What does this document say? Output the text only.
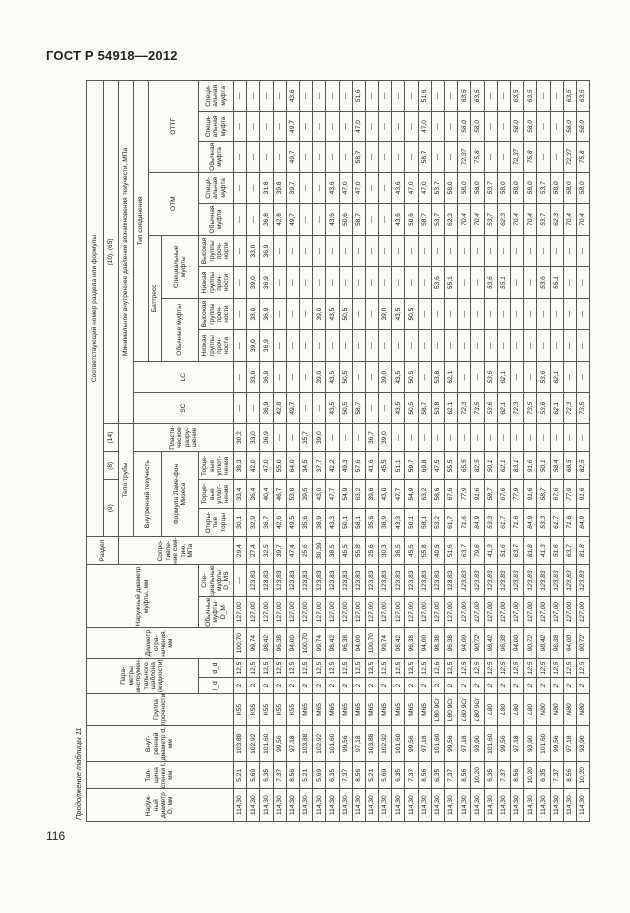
ГОСТ Р 54918—2012
Продолжение таблицы 11	Наружный диаметр D, мм	Толщина стенки t, мм	Внутренний диаметр d, мм	Группа прочности	Параметры инструментального шаблона (жидкости)		Диаметр ограничения, мм	Наружный диаметр муфты, мм		Раздел	Соответствующий номер раздела или формулы														
										(9)		(8)	(14)	(10), (65)										
									Сопротивление смятию, МПа	Тело трубы				Минимальное внутреннее давление возникновения текучести, МПа										
										Внутренний текучесть			Пластическое разрушение	SC	LC	Тип соединения								
																Баттресс				ОТМ		ОТТГ		
										Формула Ламе-фон Мизеса						Обычные муфты		Специальные муфты						
				l_d	d_d		Обычные муфты D_M	Специальные муфты D_MS		Открытые торцы	Торцевые уплотнения	Торцевые уплотнения				Низкая группы прочности	Высокая группы прочности	Низкая группы прочности	Высокая группы прочности	Обычная муфта	Специальная муфта	Обычная муфта	Специальная муфта	Специальная муфта

114,30	5,21	103,88	К55	2	12,5	100,70	127,00	—	29,4	30,1	33,4	38,3	30,2	—	—	—	—	—	—	—	—	—	—	—
114,30	5,69	102,92	К55	2	12,5	99,74	127,00	123,83	27,4	32,9	36,4	42,0	33,0	—	33,0	39,0	33,0	39,0	33,0	—	—	—	—	—
114,30	6,35	101,60	К55	2	12,5	98,42	127,00	123,83	32,5	36,7	40,4	47,0	36,9	36,9	36,9	36,9	36,9	36,9	36,9	36,8	31,8	—	—	—
114,30	7,37	99,56	К55	2	12,5	96,38	127,00	123,83	39,7	42,6	46,7	55,0	—	42,8	—	—	—	—	—	42,8	39,8	—	—	—
114,30	8,56	97,18	К55	2	12,5	94,00	127,00	123,83	47,4	49,5	53,8	64,0	—	49,7	—	—	—	—	—	49,7	39,7	49,7	49,7	43,6
114,30	5,21	103,88	М65	2	12,5	100,70	127,00	123,83	25,6	35,6	39,5	34,5	35,7	—	—	—	—	—	—	—	—	—	—	—
114,30	5,69	102,92	М65	2	12,5	99,74	127,00	123,83	30,39	38,9	43,0	37,7	39,0	—	39,0	—	39,0	—	—	—	—	—	—	—
114,30	6,35	101,60	М65	2	12,5	98,42	127,00	123,83	36,5	43,3	47,7	42,2	—	43,5	43,5	—	43,5	—	—	43,6	43,6	—	—	—
114,30	7,37	99,56	М65	2	12,5	96,38	127,00	123,83	45,5	50,1	54,9	49,3	—	50,5	50,5	—	50,5	—	—	50,6	47,0	—	—	—
114,30	8,56	97,18	М65	2	12,5	94,00	127,00	123,83	55,8	58,1	63,2	57,6	—	58,7	—	—	—	—	—	58,7	47,0	58,7	47,0	51,6
114,30	5,21	103,88	М65	2	12,5	100,70	127,00	123,83	25,6	35,6	39,6	41,6	36,7	—	—	—	—	—	—	—	—	—	—	—
114,30	5,69	102,92	М65	2	12,5	99,74	127,00	123,83	30,3	38,9	43,0	45,5	39,0	—	39,0	—	39,0	—	—	—	—	—	—	—
114,30	6,35	101,60	М65	2	12,5	98,42	127,00	123,83	36,5	43,3	47,7	51,1	—	43,5	43,5	—	43,5	—	—	43,6	43,6	—	—	—
114,30	7,37	99,56	М65	2	12,5	96,38	127,00	123,83	45,5	50,1	54,9	59,7	—	50,5	50,5	—	50,5	—	—	50,6	47,0	—	—	—
114,30	8,56	97,18	М65	2	12,5	94,00	127,00	123,83	55,8	58,1	63,2	69,8	—	58,7	—	—	—	—	—	58,7	47,0	58,7	47,0	51,6
114,30	6,35	101,60	L80 9Cr	2	12,6	98,38	127,00	123,83	40,5	53,2	58,6	47,5	—	53,8	53,8	—	—	53,6	—	53,7	53,7	—	—	—
114,30	7,37	99,56	L80 9Cr	2	12,5	96,38	127,00	123,83	51,6	61,7	67,6	55,5	—	62,1	62,1	—	—	55,1	—	62,3	58,0	—	—	—
114,30	8,56	97,18	L80 9Cr	2	12,5	94,00	127,00	123,83	63,7	71,6	77,9	65,5	—	72,3	—	—	—	—	—	70,4	58,0	72,37	58,0	63,5
114,30	10,20	93,90	L80 9Cr	2	12,5	90,72	127,00	123,83	79,6	84,9	91,6	82,5	—	73,5	—	—	—	—	—	70,4	58,0	75,8	58,0	63,5
114,30	6,35	101,60	L80	2	12,5	98,42	127,00	123,83	41,3	53,3	58,7	50,1	—	53,6	53,6	—	—	53,6	—	53,7	53,7	—	—	—
114,30	7,37	99,56	L80	2	12,5	96,38	127,00	123,83	51,6	61,7	67,6	62,1	—	62,1	62,1	—	—	55,1	—	62,3	58,0	—	—	—
114,30	8,56	97,18	L80	2	12,5	94,00	127,00	123,83	63,7	71,6	77,9	83,1	—	72,3	—	—	—	—	—	70,4	58,0	72,37	58,0	63,5
114,30	10,20	93,90	L80	2	12,5	90,72	127,00	123,83	81,8	84,9	91,6	91,6	—	73,5	—	—	—	—	—	70,4	58,0	75,8	58,0	63,5
114,30	6,35	101,60	N80	2	12,5	98,42	127,00	123,83	41,3	53,3	58,7	50,1	—	53,6	53,6	—	—	53,6	—	53,7	53,7	—	—	—
114,30	7,37	99,56	N80	2	12,5	96,38	127,00	123,83	51,6	61,7	67,6	58,4	—	62,1	62,1	—	—	55,1	—	62,3	58,0	—	—	—
114,30	8,56	97,18	N80	2	12,5	94,00	127,00	123,83	63,7	71,6	77,9	68,5	—	72,3	—	—	—	—	—	70,4	58,0	72,37	58,0	63,5
114,30	10,20	93,90	N80	2	12,5	90,72	127,00	123,83	81,8	84,9	91,6	82,5	—	73,5	—	—	—	—	—	70,4	58,0	75,8	58,0	63,5
116
